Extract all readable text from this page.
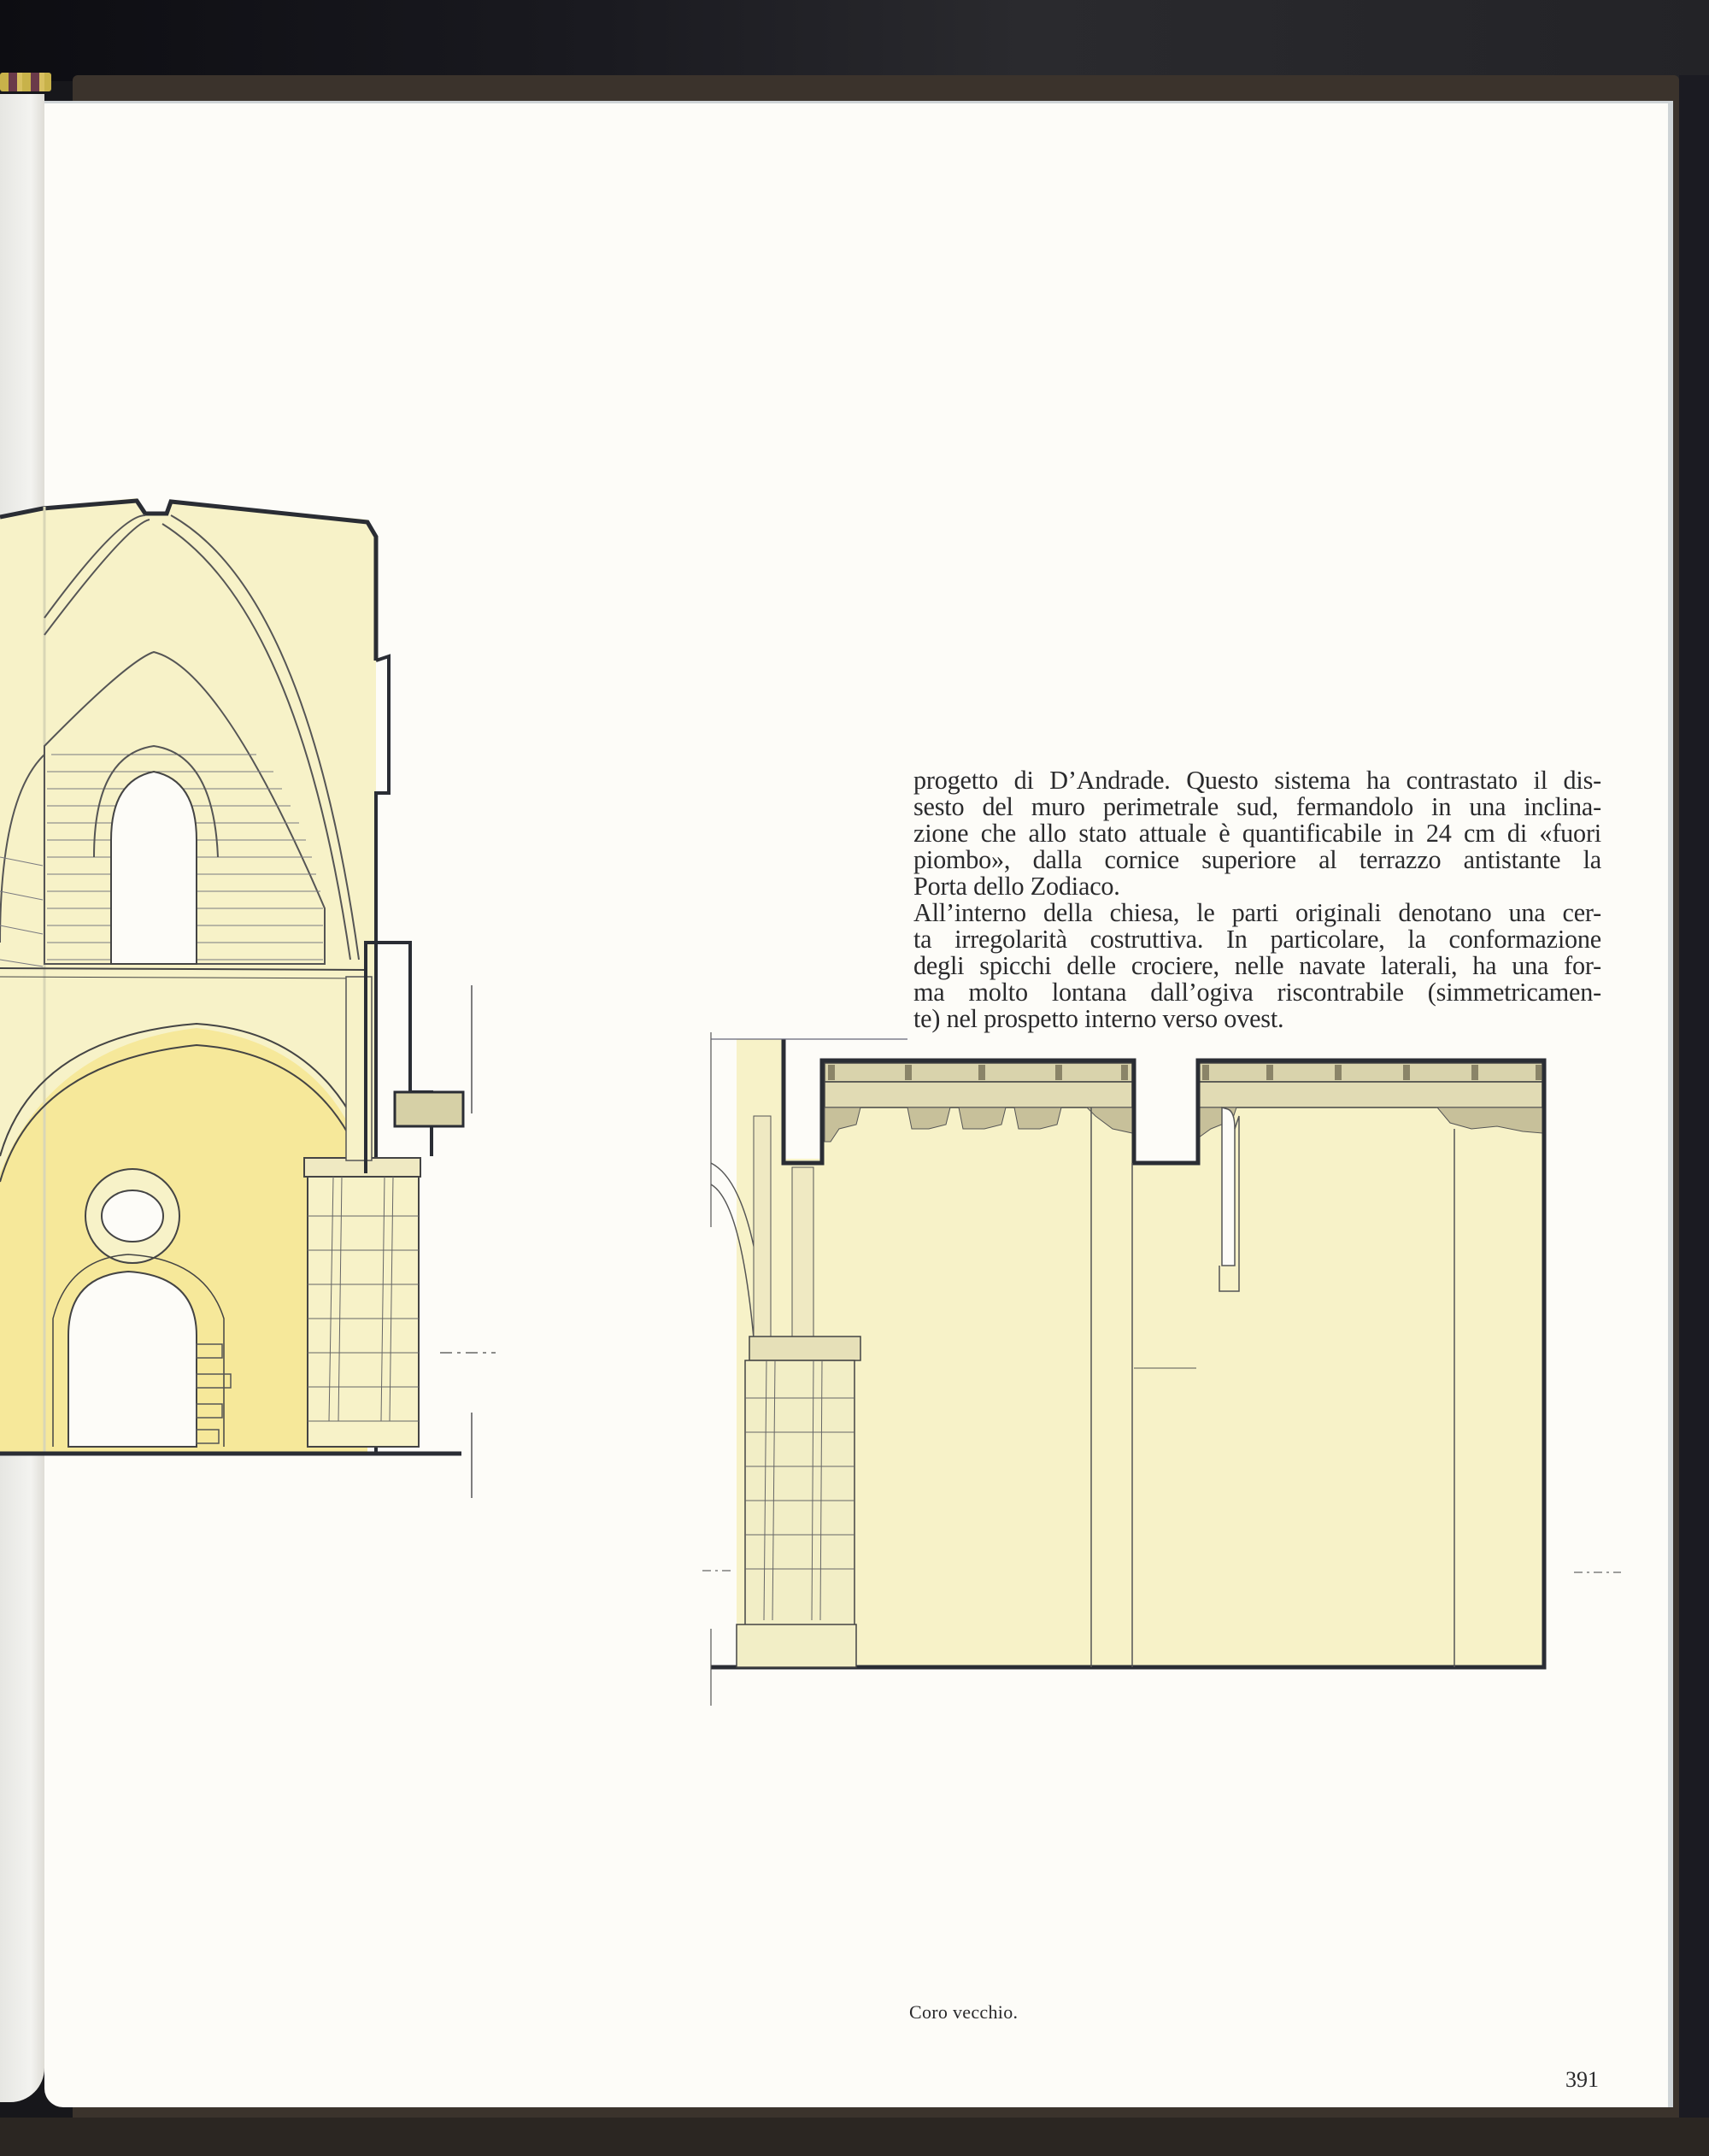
progetto di D’Andrade. Questo sistema ha contrastato il dis-
sesto del muro perimetrale sud, fermandolo in una inclina-
zione che allo stato attuale è quantificabile in 24 cm di «fuori
piombo», dalla cornice superiore al terrazzo antistante la
Porta dello Zodiaco.

All’interno della chiesa, le parti originali denotano una cer-
ta irregolarità costruttiva. In particolare, la conformazione
degli spicchi delle crociere, nelle navate laterali, ha una for-
ma molto lontana dall’ogiva riscontrabile (simmetricamen-
te) nel prospetto interno verso ovest.

Coro vecchio.
391
